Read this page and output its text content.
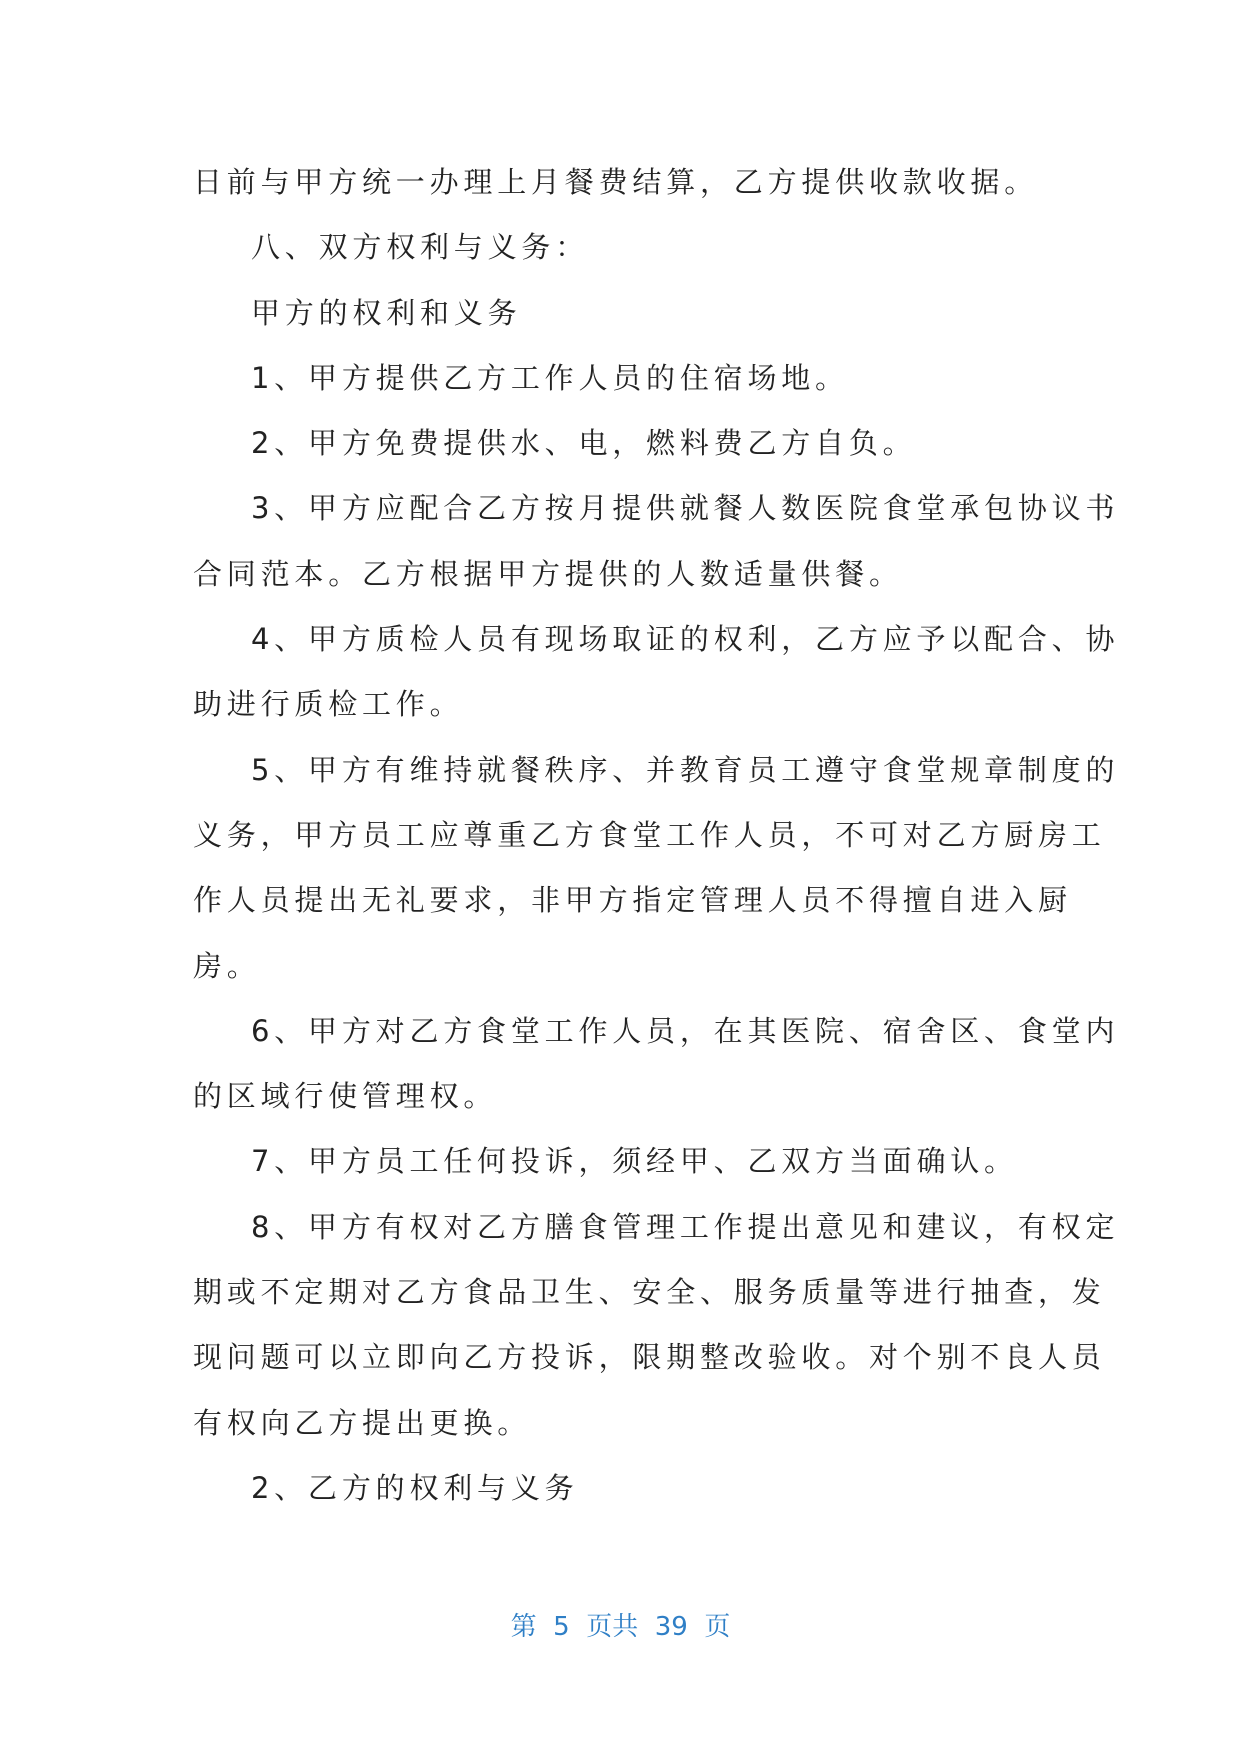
日前与甲方统一办理上月餐费结算，乙方提供收款收据。
八、双方权利与义务：
甲方的权利和义务
1、甲方提供乙方工作人员的住宿场地。
2、甲方免费提供水、电，燃料费乙方自负。
3、甲方应配合乙方按月提供就餐人数医院食堂承包协议书
合同范本。乙方根据甲方提供的人数适量供餐。
4、甲方质检人员有现场取证的权利，乙方应予以配合、协
助进行质检工作。
5、甲方有维持就餐秩序、并教育员工遵守食堂规章制度的
义务，甲方员工应尊重乙方食堂工作人员，不可对乙方厨房工
作人员提出无礼要求，非甲方指定管理人员不得擅自进入厨
房。
6、甲方对乙方食堂工作人员，在其医院、宿舍区、食堂内
的区域行使管理权。
7、甲方员工任何投诉，须经甲、乙双方当面确认。
8、甲方有权对乙方膳食管理工作提出意见和建议，有权定
期或不定期对乙方食品卫生、安全、服务质量等进行抽查，发
现问题可以立即向乙方投诉，限期整改验收。对个别不良人员
有权向乙方提出更换。
2、乙方的权利与义务
第  5  页共  39  页
